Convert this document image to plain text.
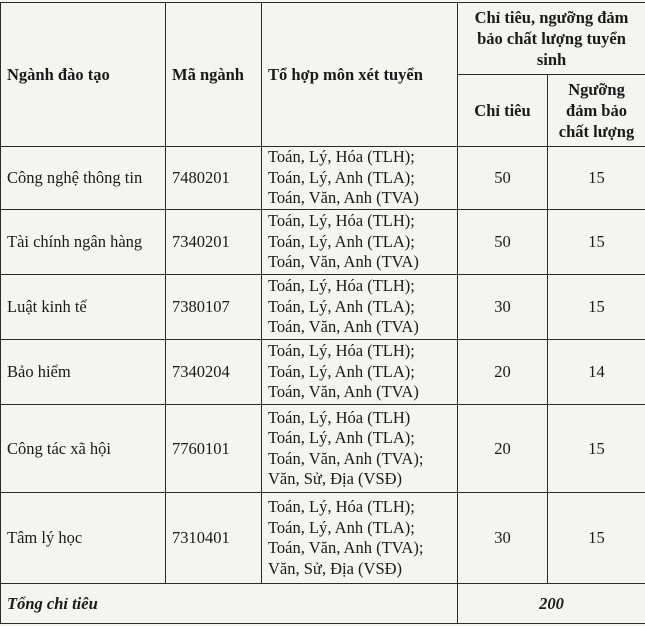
Ngành đào tạo	Mã ngành	Tổ hợp môn xét tuyển	Chỉ tiêu, ngưỡng đảm bảo chất lượng tuyển sinh	
			Chỉ tiêu	Ngưỡng đảm bảo chất lượng
Công nghệ thông tin	7480201	Toán, Lý, Hóa (TLH);
Toán, Lý, Anh (TLA);
Toán, Văn, Anh (TVA)	50	15
Tài chính ngân hàng	7340201	Toán, Lý, Hóa (TLH);
Toán, Lý, Anh (TLA);
Toán, Văn, Anh (TVA)	50	15
Luật kinh tế	7380107	Toán, Lý, Hóa (TLH);
Toán, Lý, Anh (TLA);
Toán, Văn, Anh (TVA)	30	15
Bảo hiểm	7340204	Toán, Lý, Hóa (TLH);
Toán, Lý, Anh (TLA);
Toán, Văn, Anh (TVA)	20	14
Công tác xã hội	7760101	Toán, Lý, Hóa (TLH)
Toán, Lý, Anh (TLA);
Toán, Văn, Anh (TVA);
Văn, Sử, Địa (VSĐ)	20	15
Tâm lý học	7310401	Toán, Lý, Hóa (TLH);
Toán, Lý, Anh (TLA);
Toán, Văn, Anh (TVA);
Văn, Sử, Địa (VSĐ)	30	15
Tổng chỉ tiêu			200	
